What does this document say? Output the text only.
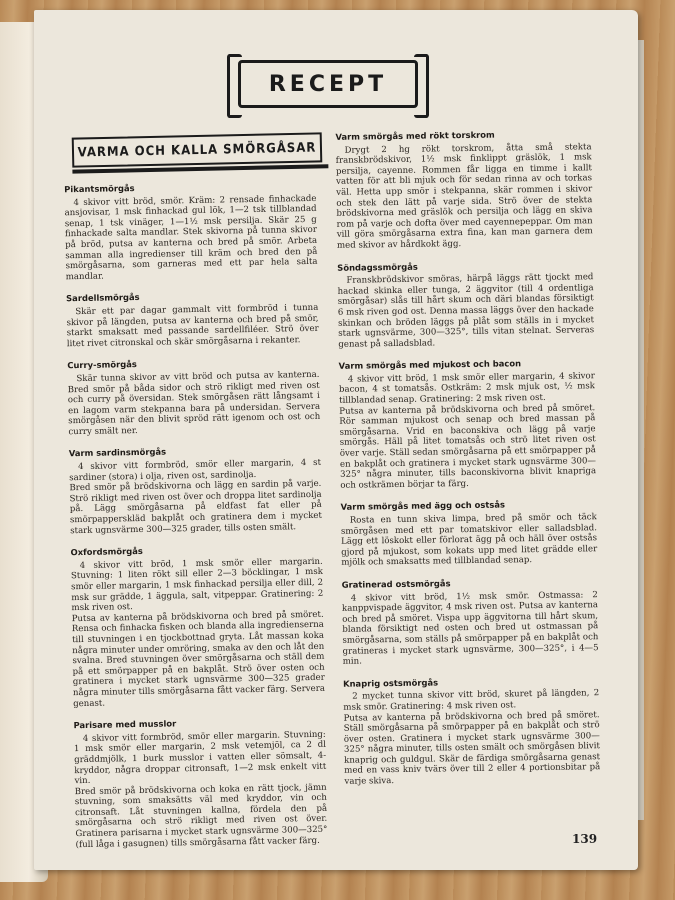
RECEPT
VARMA OCH KALLA SMÖRGÅSAR
Pikantsmörgås
4 skivor vitt bröd, smör. Kräm: 2 rensade finhackade ansjovisar, 1 msk finhackad gul lök, 1—2 tsk tillblandad senap, 1 tsk vinäger, 1—1½ msk persilja. Skär 25 g finhackade salta mandlar. Stek skivorna på tunna skivor på bröd, putsa av kanterna och bred på smör. Arbeta samman alla ingredienser till kräm och bred den på smörgåsarna, som garneras med ett par hela salta mandlar.
Sardellsmörgås
Skär ett par dagar gammalt vitt formbröd i tunna skivor på längden, putsa av kanterna och bred på smör, starkt smaksatt med passande sardellfiléer. Strö över litet rivet citronskal och skär smörgåsarna i rekanter.
Curry-smörgås
Skär tunna skivor av vitt bröd och putsa av kanterna. Bred smör på båda sidor och strö rikligt med riven ost och curry på översidan. Stek smörgåsen rätt långsamt i en lagom varm stekpanna bara på undersidan. Servera smörgåsen när den blivit spröd rätt igenom och ost och curry smält ner.
Varm sardinsmörgås
4 skivor vitt formbröd, smör eller margarin, 4 st sardiner (stora) i olja, riven ost, sardinolja.
Bred smör på brödskivorna och lägg en sardin på varje. Strö rikligt med riven ost över och droppa litet sardinolja på. Lägg smörgåsarna på eldfast fat eller på smörpapperskläd bakplåt och gratinera dem i mycket stark ugnsvärme 300—325 grader, tills osten smält.
Oxfordsmörgås
4 skivor vitt bröd, 1 msk smör eller margarin. Stuvning: 1 liten rökt sill eller 2—3 böcklingar, 1 msk smör eller margarin, 1 msk finhackad persilja eller dill, 2 msk sur grädde, 1 äggula, salt, vitpeppar. Gratinering: 2 msk riven ost.
Putsa av kanterna på brödskivorna och bred på smöret. Rensa och finhacka fisken och blanda alla ingredienserna till stuvningen i en tjockbottnad gryta. Låt massan koka några minuter under omröring, smaka av den och låt den svalna. Bred stuvningen över smörgåsarna och ställ dem på ett smörpapper på en bakplåt. Strö över osten och gratinera i mycket stark ugnsvärme 300—325 grader några minuter tills smörgåsarna fått vacker färg. Servera genast.
Parisare med musslor
4 skivor vitt formbröd, smör eller margarin. Stuvning: 1 msk smör eller margarin, 2 msk vetemjöl, ca 2 dl gräddmjölk, 1 burk musslor i vatten eller sömsalt, 4-kryddor, några droppar citronsaft, 1—2 msk enkelt vitt vin.
Bred smör på brödskivorna och koka en rätt tjock, jämn stuvning, som smaksätts väl med kryddor, vin och citronsaft. Låt stuvningen kallna, fördela den på smörgåsarna och strö rikligt med riven ost över. Gratinera parisarna i mycket stark ugnsvärme 300—325° (full låga i gasugnen) tills smörgåsarna fått vacker färg.
Varm smörgås med rökt torskrom
Drygt 2 hg rökt torskrom, åtta små stekta franskbrödskivor, 1½ msk finklippt gräslök, 1 msk persilja, cayenne. Rommen får ligga en timme i kallt vatten för att bli mjuk och för sedan rinna av och torkas väl. Hetta upp smör i stekpanna, skär rommen i skivor och stek den lätt på varje sida. Strö över de stekta brödskivorna med gräslök och persilja och lägg en skiva rom på varje och dofta över med cayennepeppar. Om man vill göra smörgåsarna extra fina, kan man garnera dem med skivor av hårdkokt ägg.
Söndagssmörgås
Franskbrödskivor smöras, härpå läggs rätt tjockt med hackad skinka eller tunga, 2 äggvitor (till 4 ordentliga smörgåsar) slås till hårt skum och däri blandas försiktigt 6 msk riven god ost. Denna massa läggs över den hackade skinkan och bröden läggs på plåt som ställs in i mycket stark ugnsvärme, 300—325°, tills vitan stelnat. Serveras genast på salladsblad.
Varm smörgås med mjukost och bacon
4 skivor vitt bröd, 1 msk smör eller margarin, 4 skivor bacon, 4 st tomatsås. Ostkräm: 2 msk mjuk ost, ½ msk tillblandad senap. Gratinering: 2 msk riven ost.
Putsa av kanterna på brödskivorna och bred på smöret. Rör samman mjukost och senap och bred massan på smörgåsarna. Vrid en baconskiva och lägg på varje smörgås. Häll på litet tomatsås och strö litet riven ost över varje. Ställ sedan smörgåsarna på ett smörpapper på en bakplåt och gratinera i mycket stark ugnsvärme 300—325° några minuter, tills baconskivorna blivit knapriga och ostkrämen börjar ta färg.
Varm smörgås med ägg och ostsås
Rosta en tunn skiva limpa, bred på smör och täck smörgåsen med ett par tomatskivor eller salladsblad. Lägg ett löskokt eller förlorat ägg på och häll över ostsås gjord på mjukost, som kokats upp med litet grädde eller mjölk och smaksatts med tillblandad senap.
Gratinerad ostsmörgås
4 skivor vitt bröd, 1½ msk smör. Ostmassa: 2 kanppvispade äggvitor, 4 msk riven ost. Putsa av kanterna och bred på smöret. Vispa upp äggvitorna till hårt skum, blanda försiktigt ned osten och bred ut ostmassan på smörgåsarna, som ställs på smörpapper på en bakplåt och gratineras i mycket stark ugnsvärme, 300—325°, i 4—5 min.
Knaprig ostsmörgås
2 mycket tunna skivor vitt bröd, skuret på längden, 2 msk smör. Gratinering: 4 msk riven ost.
Putsa av kanterna på brödskivorna och bred på smöret. Ställ smörgåsarna på smörpapper på en bakplåt och strö över osten. Gratinera i mycket stark ugnsvärme 300—325° några minuter, tills osten smält och smörgåsen blivit knaprig och guldgul. Skär de färdiga smörgåsarna genast med en vass kniv tvärs över till 2 eller 4 portionsbitar på varje skiva.
139
